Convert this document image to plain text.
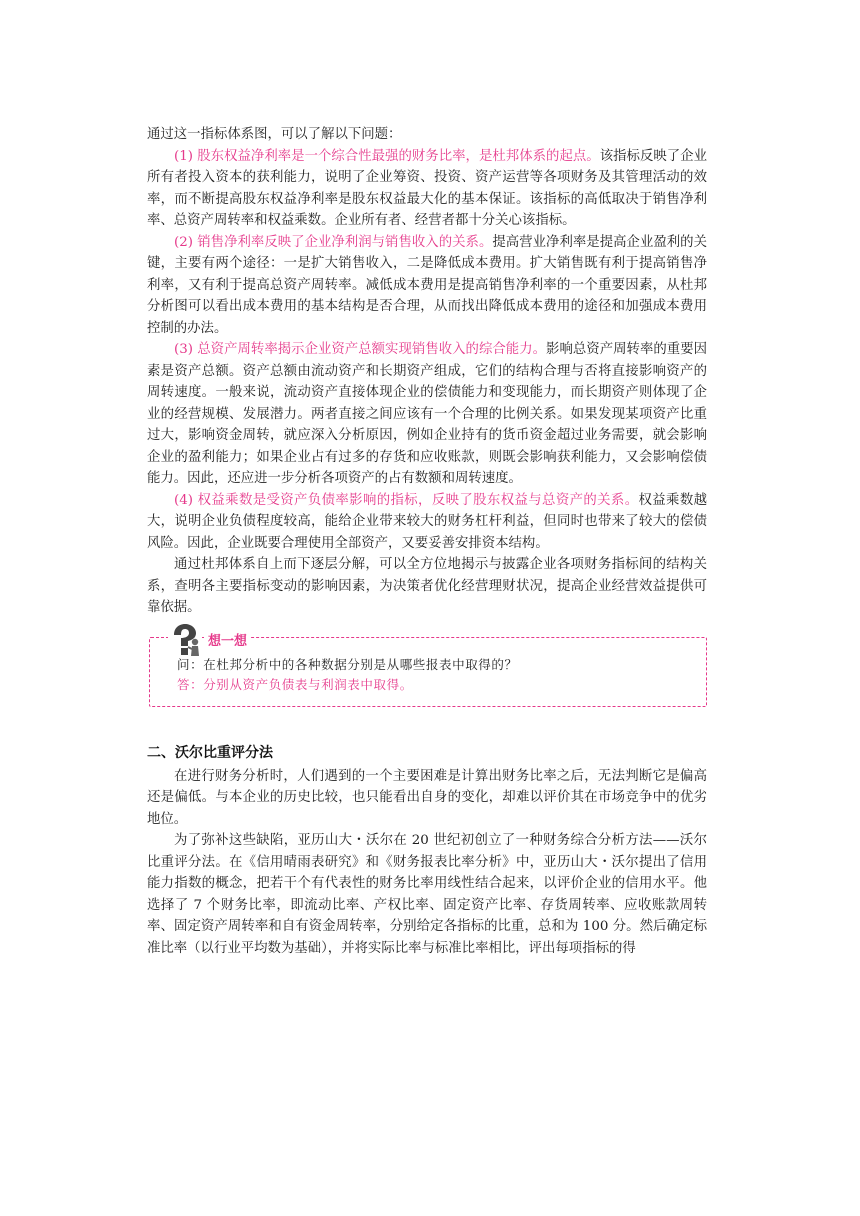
通过这一指标体系图，可以了解以下问题：

(1) 股东权益净利率是一个综合性最强的财务比率，是杜邦体系的起点。该指标反映了企业所有者投入资本的获利能力，说明了企业筹资、投资、资产运营等各项财务及其管理活动的效率，而不断提高股东权益净利率是股东权益最大化的基本保证。该指标的高低取决于销售净利率、总资产周转率和权益乘数。企业所有者、经营者都十分关心该指标。

(2) 销售净利率反映了企业净利润与销售收入的关系。提高营业净利率是提高企业盈利的关键，主要有两个途径：一是扩大销售收入，二是降低成本费用。扩大销售既有利于提高销售净利率，又有利于提高总资产周转率。减低成本费用是提高销售净利率的一个重要因素，从杜邦分析图可以看出成本费用的基本结构是否合理，从而找出降低成本费用的途径和加强成本费用控制的办法。

(3) 总资产周转率揭示企业资产总额实现销售收入的综合能力。影响总资产周转率的重要因素是资产总额。资产总额由流动资产和长期资产组成，它们的结构合理与否将直接影响资产的周转速度。一般来说，流动资产直接体现企业的偿债能力和变现能力，而长期资产则体现了企业的经营规模、发展潜力。两者直接之间应该有一个合理的比例关系。如果发现某项资产比重过大，影响资金周转，就应深入分析原因，例如企业持有的货币资金超过业务需要，就会影响企业的盈利能力；如果企业占有过多的存货和应收账款，则既会影响获利能力，又会影响偿债能力。因此，还应进一步分析各项资产的占有数额和周转速度。

(4) 权益乘数是受资产负债率影响的指标，反映了股东权益与总资产的关系。权益乘数越大，说明企业负债程度较高，能给企业带来较大的财务杠杆利益，但同时也带来了较大的偿债风险。因此，企业既要合理使用全部资产，又要妥善安排资本结构。

通过杜邦体系自上而下逐层分解，可以全方位地揭示与披露企业各项财务指标间的结构关系，查明各主要指标变动的影响因素，为决策者优化经营理财状况，提高企业经营效益提供可靠依据。

想一想
问：在杜邦分析中的各种数据分别是从哪些报表中取得的？
答：分别从资产负债表与利润表中取得。
二、沃尔比重评分法

在进行财务分析时，人们遇到的一个主要困难是计算出财务比率之后，无法判断它是偏高还是偏低。与本企业的历史比较，也只能看出自身的变化，却难以评价其在市场竞争中的优劣地位。

为了弥补这些缺陷，亚历山大・沃尔在 20 世纪初创立了一种财务综合分析方法——沃尔比重评分法。在《信用晴雨表研究》和《财务报表比率分析》中，亚历山大・沃尔提出了信用能力指数的概念，把若干个有代表性的财务比率用线性结合起来，以评价企业的信用水平。他选择了 7 个财务比率，即流动比率、产权比率、固定资产比率、存货周转率、应收账款周转率、固定资产周转率和自有资金周转率，分别给定各指标的比重，总和为 100 分。然后确定标准比率（以行业平均数为基础），并将实际比率与标准比率相比，评出每项指标的得
